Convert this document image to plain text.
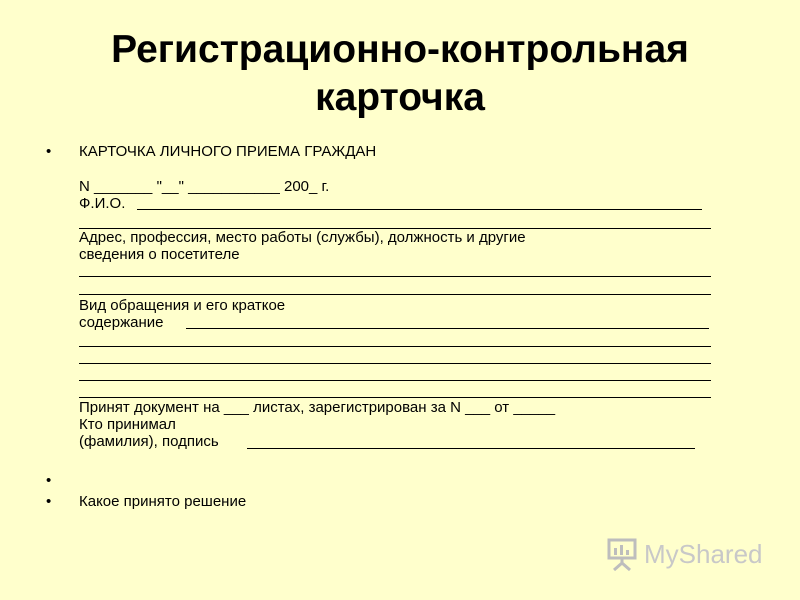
Регистрационно-контрольная
карточка
• КАРТОЧКА ЛИЧНОГО ПРИЕМА ГРАЖДАН
N _______ "__" ___________ 200_ г.
Ф.И.О.
Адрес, профессия, место работы (службы), должность и другие
сведения о посетителе
Вид обращения и его краткое
содержание
Принят документ на ___ листах, зарегистрирован за N ___ от _____
Кто принимал
(фамилия), подпись
•
• Какое принято решение
MyShared
